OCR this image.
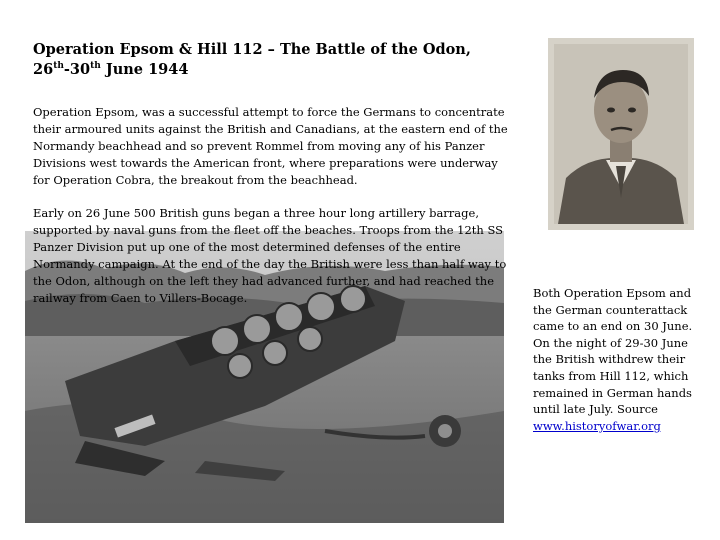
Operation Epsom & Hill 112 – The Battle of the Odon,
26th-30th June 1944

Operation Epsom, was a successful attempt to force the Germans to concentrate their armoured units against the British and Canadians, at the eastern end of the Normandy beachhead and so prevent Rommel from moving any of his Panzer Divisions west towards the American front, where preparations were underway for Operation Cobra, the breakout from the beachhead.

Early on 26 June 500 British guns began a three hour long artillery barrage, supported by naval guns from the fleet off the beaches. Troops from the 12th SS Panzer Division put up one of the most determined defenses of the entire Normandy campaign. At the end of the day the British were less than half way to the Odon, although on the left they had advanced further, and had reached the railway from Caen to Villers-Bocage.	Both Operation Epsom and the German counterattack came to an end on 30 June.
On the night of 29-30 June the British withdrew their tanks from Hill 112, which remained in German hands until late July. Source
www.historyofwar.org
